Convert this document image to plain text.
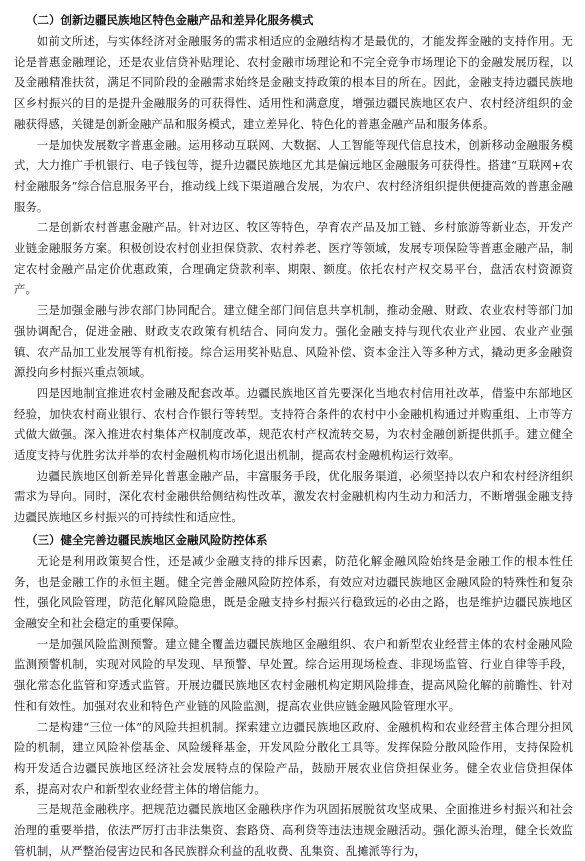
（二）创新边疆民族地区特色金融产品和差异化服务模式

如前文所述，与实体经济对金融服务的需求相适应的金融结构才是最优的，才能发挥金融的支持作用。无论是普惠金融理论，还是农业信贷补贴理论、农村金融市场理论和不完全竞争市场理论下的金融发展历程，以及金融精准扶贫，满足不同阶段的金融需求始终是金融支持政策的根本目的所在。因此，金融支持边疆民族地区乡村振兴的目的是提升金融服务的可获得性、适用性和满意度，增强边疆民族地区农户、农村经济组织的金融获得感，关键是创新金融产品和服务模式，建立差异化、特色化的普惠金融产品和服务体系。

一是加快发展数字普惠金融。运用移动互联网、大数据、人工智能等现代信息技术，创新移动金融服务模式，大力推广手机银行、电子钱包等，提升边疆民族地区尤其是偏远地区金融服务可获得性。搭建“互联网+农村金融服务”综合信息服务平台，推动线上线下渠道融合发展，为农户、农村经济组织提供便捷高效的普惠金融服务。

二是创新农村普惠金融产品。针对边区、牧区等特色，孕育农产品及加工链、乡村旅游等新业态，开发产业链金融服务方案。积极创设农村创业担保贷款、农村养老、医疗等领域，发展专项保险等普惠金融产品，制定农村金融产品定价优惠政策，合理确定贷款利率、期限、额度。依托农村产权交易平台，盘活农村资源资产。

三是加强金融与涉农部门协同配合。建立健全部门间信息共享机制，推动金融、财政、农业农村等部门加强协调配合，促进金融、财政支农政策有机结合、同向发力。强化金融支持与现代农业产业园、农业产业强镇、农产品加工业发展等有机衔接。综合运用奖补贴息、风险补偿、资本金注入等多种方式，撬动更多金融资源投向乡村振兴重点领域。

四是因地制宜推进农村金融及配套改革。边疆民族地区首先要深化当地农村信用社改革，借鉴中东部地区经验，加快农村商业银行、农村合作银行等转型。支持符合条件的农村中小金融机构通过并购重组、上市等方式做大做强。深入推进农村集体产权制度改革，规范农村产权流转交易，为农村金融创新提供抓手。建立健全适度支持与优胜劣汰并举的农村金融机构市场化退出机制，提高农村金融机构运行效率。

边疆民族地区创新差异化普惠金融产品，丰富服务手段，优化服务渠道，必须坚持以农户和农村经济组织需求为导向。同时，深化农村金融供给侧结构性改革，激发农村金融机构内生动力和活力，不断增强金融支持边疆民族地区乡村振兴的可持续性和适应性。

（三）健全完善边疆民族地区金融风险防控体系

无论是利用政策契合性，还是减少金融支持的排斥因素，防范化解金融风险始终是金融工作的根本性任务，也是金融工作的永恒主题。健全完善金融风险防控体系，有效应对边疆民族地区金融风险的特殊性和复杂性，强化风险管理，防范化解风险隐患，既是金融支持乡村振兴行稳致远的必由之路，也是维护边疆民族地区金融安全和社会稳定的重要保障。

一是加强风险监测预警。建立健全覆盖边疆民族地区金融组织、农户和新型农业经营主体的农村金融风险监测预警机制，实现对风险的早发现、早预警、早处置。综合运用现场检查、非现场监管、行业自律等手段，强化常态化监管和穿透式监管。开展边疆民族地区农村金融机构定期风险排查，提高风险化解的前瞻性、针对性和有效性。加强对农业和特色产业链的风险监测，提高农业供应链金融风险管理水平。

二是构建“三位一体”的风险共担机制。探索建立边疆民族地区政府、金融机构和农业经营主体合理分担风险的机制，建立风险补偿基金、风险缓释基金，开发风险分散化工具等。发挥保险分散风险作用，支持保险机构开发适合边疆民族地区经济社会发展特点的保险产品，鼓励开展农业信贷担保业务。健全农业信贷担保体系，提高对农户和新型农业经营主体的增信能力。

三是规范金融秩序。把规范边疆民族地区金融秩序作为巩固拓展脱贫攻坚成果、全面推进乡村振兴和社会治理的重要举措，依法严厉打击非法集资、套路贷、高利贷等违法违规金融活动。强化源头治理，健全长效监管机制，从严整治侵害边民和各民族群众利益的乱收费、乱集资、乱摊派等行为，
